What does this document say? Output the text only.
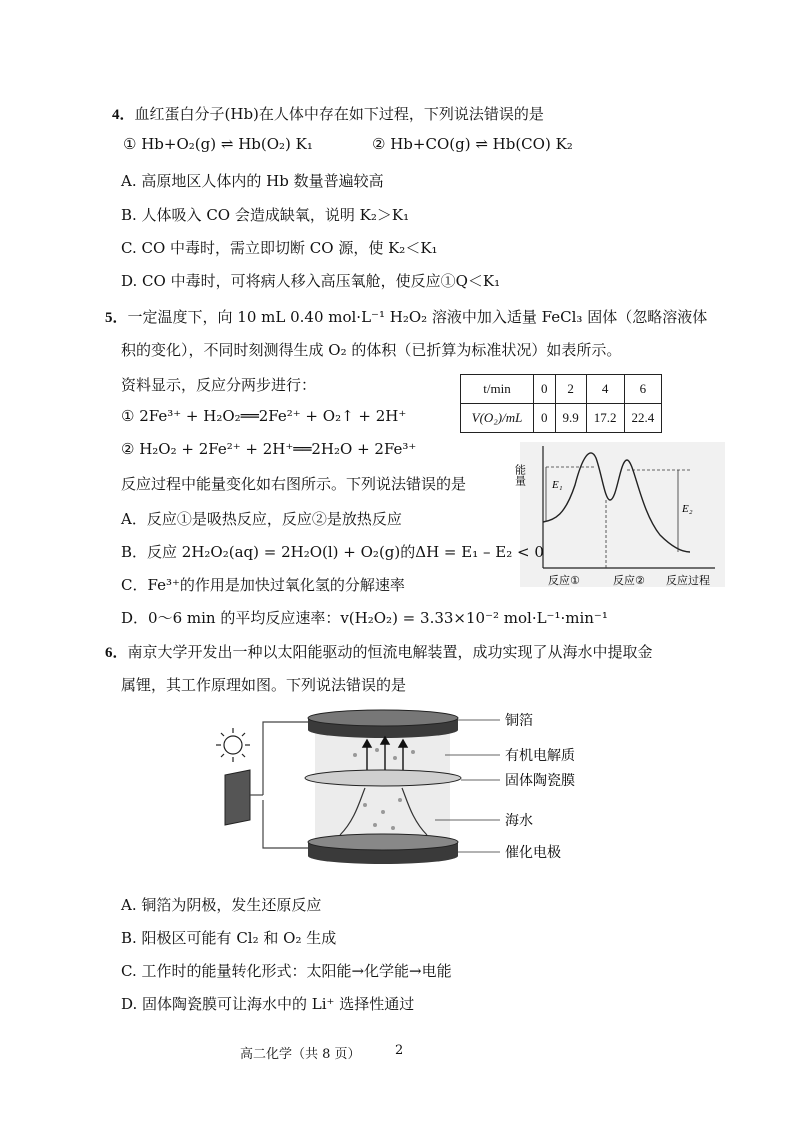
4．血红蛋白分子(Hb)在人体中存在如下过程，下列说法错误的是
① Hb+O₂(g) ⇌ Hb(O₂) K₁	② Hb+CO(g) ⇌ Hb(CO) K₂
A. 高原地区人体内的 Hb 数量普遍较高
B. 人体吸入 CO 会造成缺氧，说明 K₂＞K₁
C. CO 中毒时，需立即切断 CO 源，使 K₂＜K₁
D. CO 中毒时，可将病人移入高压氧舱，使反应①Q＜K₁
5．一定温度下，向 10 mL 0.40 mol·L⁻¹ H₂O₂ 溶液中加入适量 FeCl₃ 固体（忽略溶液体
积的变化），不同时刻测得生成 O₂ 的体积（已折算为标准状况）如表所示。
资料显示，反应分两步进行：
① 2Fe³⁺ + H₂O₂══2Fe²⁺ + O₂↑ + 2H⁺
② H₂O₂ + 2Fe²⁺ + 2H⁺══2H₂O + 2Fe³⁺
反应过程中能量变化如右图所示。下列说法错误的是
t/min	0	2	4	6
V(O₂)/mL	0	9.9	17.2	22.4
能量 E₁
E₂
反应①	反应② 反应过程
A．反应①是吸热反应，反应②是放热反应
B．反应 2H₂O₂(aq) = 2H₂O(l) + O₂(g)的ΔH = E₁ – E₂ < 0
C．Fe³⁺的作用是加快过氧化氢的分解速率
D．0～6 min 的平均反应速率：v(H₂O₂) = 3.33×10⁻² mol·L⁻¹·min⁻¹
6．南京大学开发出一种以太阳能驱动的恒流电解装置，成功实现了从海水中提取金
属锂，其工作原理如图。下列说法错误的是
铜箔
有机电解质
固体陶瓷膜
海水
催化电极
A. 铜箔为阴极，发生还原反应
B. 阳极区可能有 Cl₂ 和 O₂ 生成
C. 工作时的能量转化形式：太阳能→化学能→电能
D. 固体陶瓷膜可让海水中的 Li⁺ 选择性通过
高二化学（共 8 页）	2
